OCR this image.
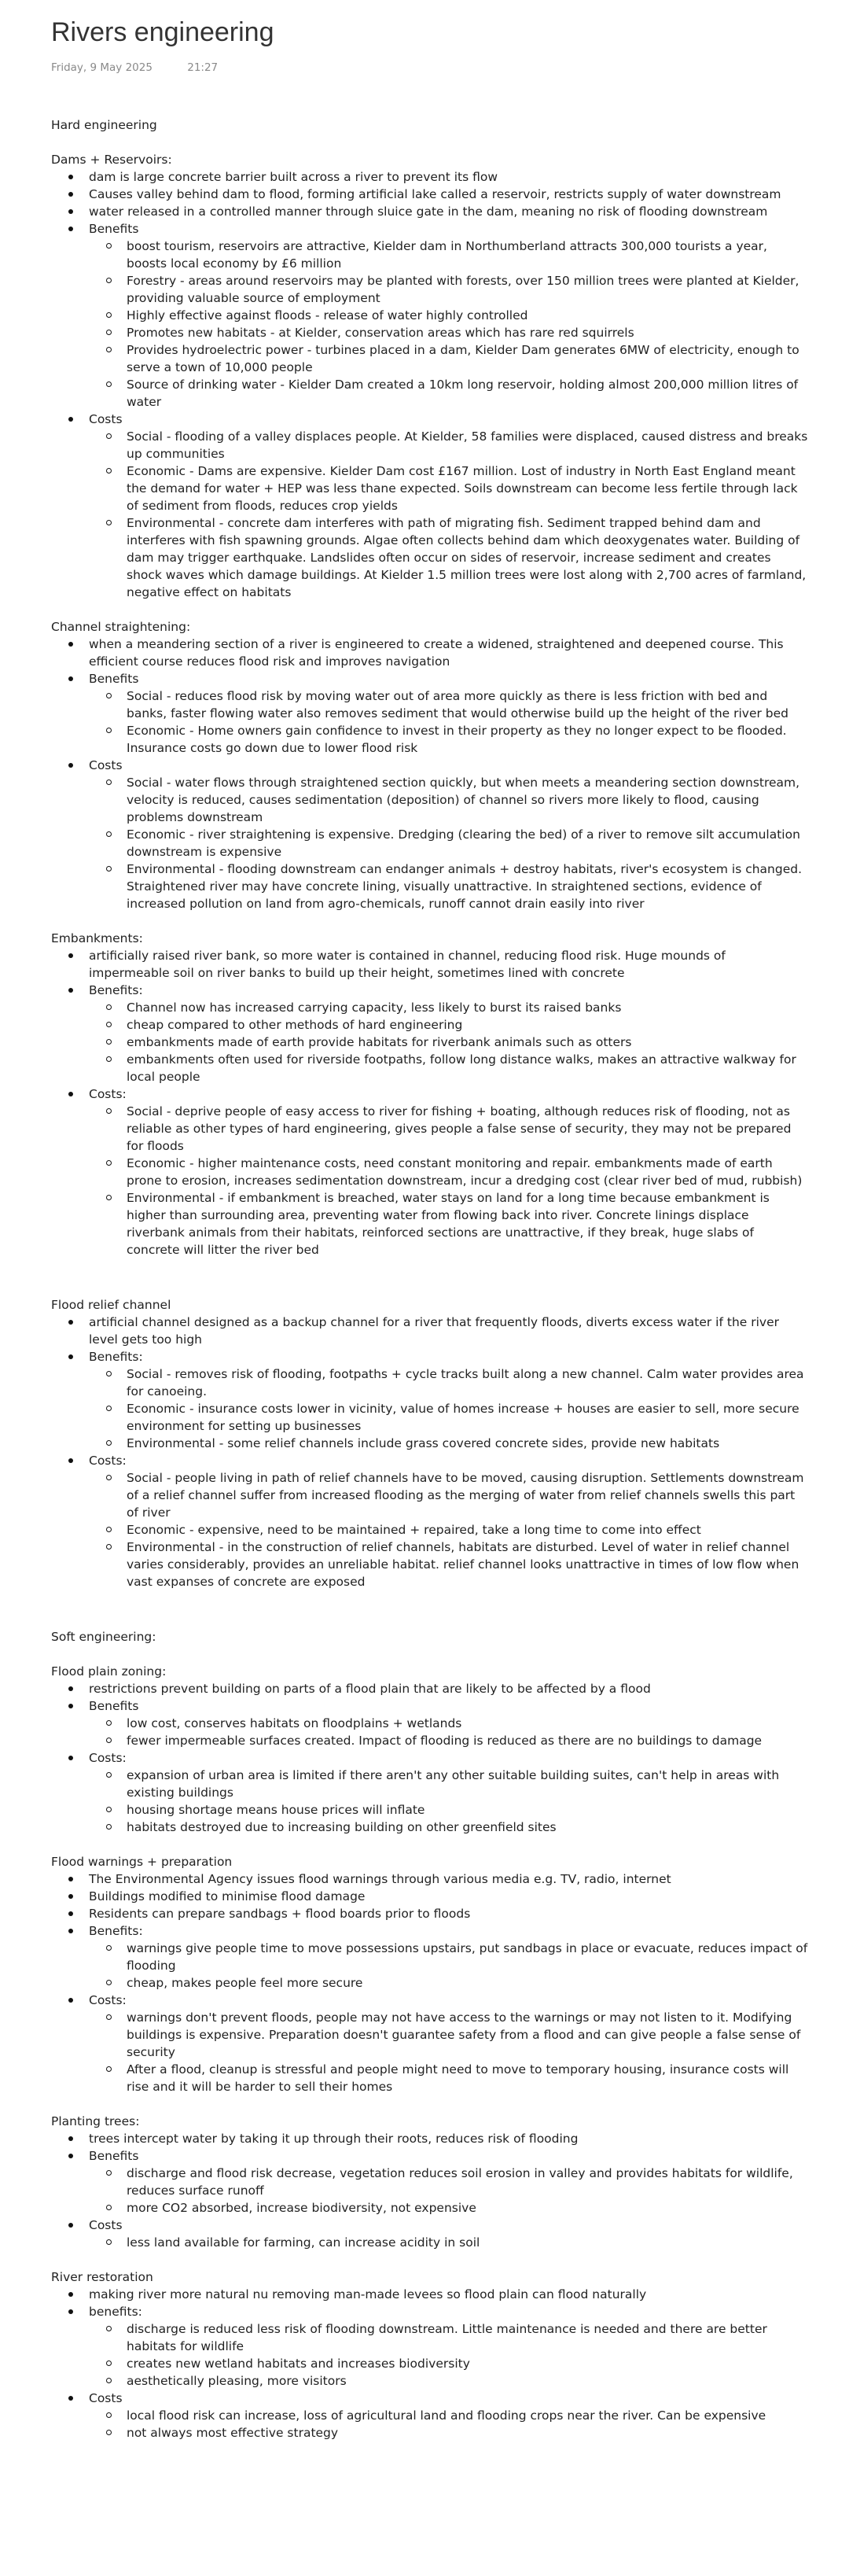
Rivers engineering
Friday, 9 May 2025	21:27

Hard engineering

Dams + Reservoirs:

dam is large concrete barrier built across a river to prevent its flow
Causes valley behind dam to flood, forming artificial lake called a reservoir, restricts supply of water downstream
water released in a controlled manner through sluice gate in the dam, meaning no risk of flooding downstream
Benefits
boost tourism, reservoirs are attractive, Kielder dam in Northumberland attracts 300,000 tourists a year, boosts local economy by £6 million
Forestry - areas around reservoirs may be planted with forests, over 150 million trees were planted at Kielder, providing valuable source of employment
Highly effective against floods - release of water highly controlled
Promotes new habitats - at Kielder, conservation areas which has rare red squirrels
Provides hydroelectric power - turbines placed in a dam, Kielder Dam generates 6MW of electricity, enough to serve a town of 10,000 people
Source of drinking water - Kielder Dam created a 10km long reservoir, holding almost 200,000 million litres of water
Costs
Social - flooding of a valley displaces people. At Kielder, 58 families were displaced, caused distress and breaks up communities
Economic - Dams are expensive. Kielder Dam cost £167 million. Lost of industry in North East England meant the demand for water + HEP was less thane expected. Soils downstream can become less fertile through lack of sediment from floods, reduces crop yields
Environmental - concrete dam interferes with path of migrating fish. Sediment trapped behind dam and interferes with fish spawning grounds. Algae often collects behind dam which deoxygenates water. Building of dam may trigger earthquake. Landslides often occur on sides of reservoir, increase sediment and creates shock waves which damage buildings. At Kielder 1.5 million trees were lost along with 2,700 acres of farmland, negative effect on habitats

Channel straightening:

when a meandering section of a river is engineered to create a widened, straightened and deepened course. This efficient course reduces flood risk and improves navigation
Benefits
Social - reduces flood risk by moving water out of area more quickly as there is less friction with bed and banks, faster flowing water also removes sediment that would otherwise build up the height of the river bed
Economic - Home owners gain confidence to invest in their property as they no longer expect to be flooded. Insurance costs go down due to lower flood risk
Costs
Social - water flows through straightened section quickly, but when meets a meandering section downstream, velocity is reduced, causes sedimentation (deposition) of channel so rivers more likely to flood, causing problems downstream
Economic - river straightening is expensive. Dredging (clearing the bed) of a river to remove silt accumulation downstream is expensive
Environmental - flooding downstream can endanger animals + destroy habitats, river's ecosystem is changed. Straightened river may have concrete lining, visually unattractive. In straightened sections, evidence of increased pollution on land from agro-chemicals, runoff cannot drain easily into river

Embankments:

artificially raised river bank, so more water is contained in channel, reducing flood risk. Huge mounds of impermeable soil on river banks to build up their height, sometimes lined with concrete
Benefits:
Channel now has increased carrying capacity, less likely to burst its raised banks
cheap compared to other methods of hard engineering
embankments made of earth provide habitats for riverbank animals such as otters
embankments often used for riverside footpaths, follow long distance walks, makes an attractive walkway for local people
Costs:
Social - deprive people of easy access to river for fishing + boating, although reduces risk of flooding, not as reliable as other types of hard engineering, gives people a false sense of security, they may not be prepared for floods
Economic - higher maintenance costs, need constant monitoring and repair. embankments made of earth prone to erosion, increases sedimentation downstream, incur a dredging cost (clear river bed of mud, rubbish)
Environmental - if embankment is breached, water stays on land for a long time because embankment is higher than surrounding area, preventing water from flowing back into river. Concrete linings displace riverbank animals from their habitats, reinforced sections are unattractive, if they break, huge slabs of concrete will litter the river bed

Flood relief channel

artificial channel designed as a backup channel for a river that frequently floods, diverts excess water if the river level gets too high
Benefits:
Social - removes risk of flooding, footpaths + cycle tracks built along a new channel. Calm water provides area for canoeing.
Economic - insurance costs lower in vicinity, value of homes increase + houses are easier to sell, more secure environment for setting up businesses
Environmental - some relief channels include grass covered concrete sides, provide new habitats
Costs:
Social - people living in path of relief channels have to be moved, causing disruption. Settlements downstream of a relief channel suffer from increased flooding as the merging of water from relief channels swells this part of river
Economic - expensive, need to be maintained + repaired, take a long time to come into effect
Environmental - in the construction of relief channels, habitats are disturbed. Level of water in relief channel varies considerably, provides an unreliable habitat. relief channel looks unattractive in times of low flow when vast expanses of concrete are exposed

Soft engineering:

Flood plain zoning:

restrictions prevent building on parts of a flood plain that are likely to be affected by a flood
Benefits
low cost, conserves habitats on floodplains + wetlands
fewer impermeable surfaces created. Impact of flooding is reduced as there are no buildings to damage
Costs:
expansion of urban area is limited if there aren't any other suitable building suites, can't help in areas with existing buildings
housing shortage means house prices will inflate
habitats destroyed due to increasing building on other greenfield sites

Flood warnings + preparation

The Environmental Agency issues flood warnings through various media e.g. TV, radio, internet
Buildings modified to minimise flood damage
Residents can prepare sandbags + flood boards prior to floods
Benefits:
warnings give people time to move possessions upstairs, put sandbags in place or evacuate, reduces impact of flooding
cheap, makes people feel more secure
Costs:
warnings don't prevent floods, people may not have access to the warnings or may not listen to it. Modifying buildings is expensive. Preparation doesn't guarantee safety from a flood and can give people a false sense of security
After a flood, cleanup is stressful and people might need to move to temporary housing, insurance costs will rise and it will be harder to sell their homes

Planting trees:

trees intercept water by taking it up through their roots, reduces risk of flooding
Benefits
discharge and flood risk decrease, vegetation reduces soil erosion in valley and provides habitats for wildlife, reduces surface runoff
more CO2 absorbed, increase biodiversity, not expensive
Costs
less land available for farming, can increase acidity in soil

River restoration

making river more natural nu removing man-made levees so flood plain can flood naturally
benefits:
discharge is reduced less risk of flooding downstream. Little maintenance is needed and there are better habitats for wildlife
creates new wetland habitats and increases biodiversity
aesthetically pleasing, more visitors
Costs
local flood risk can increase, loss of agricultural land and flooding crops near the river. Can be expensive
not always most effective strategy
